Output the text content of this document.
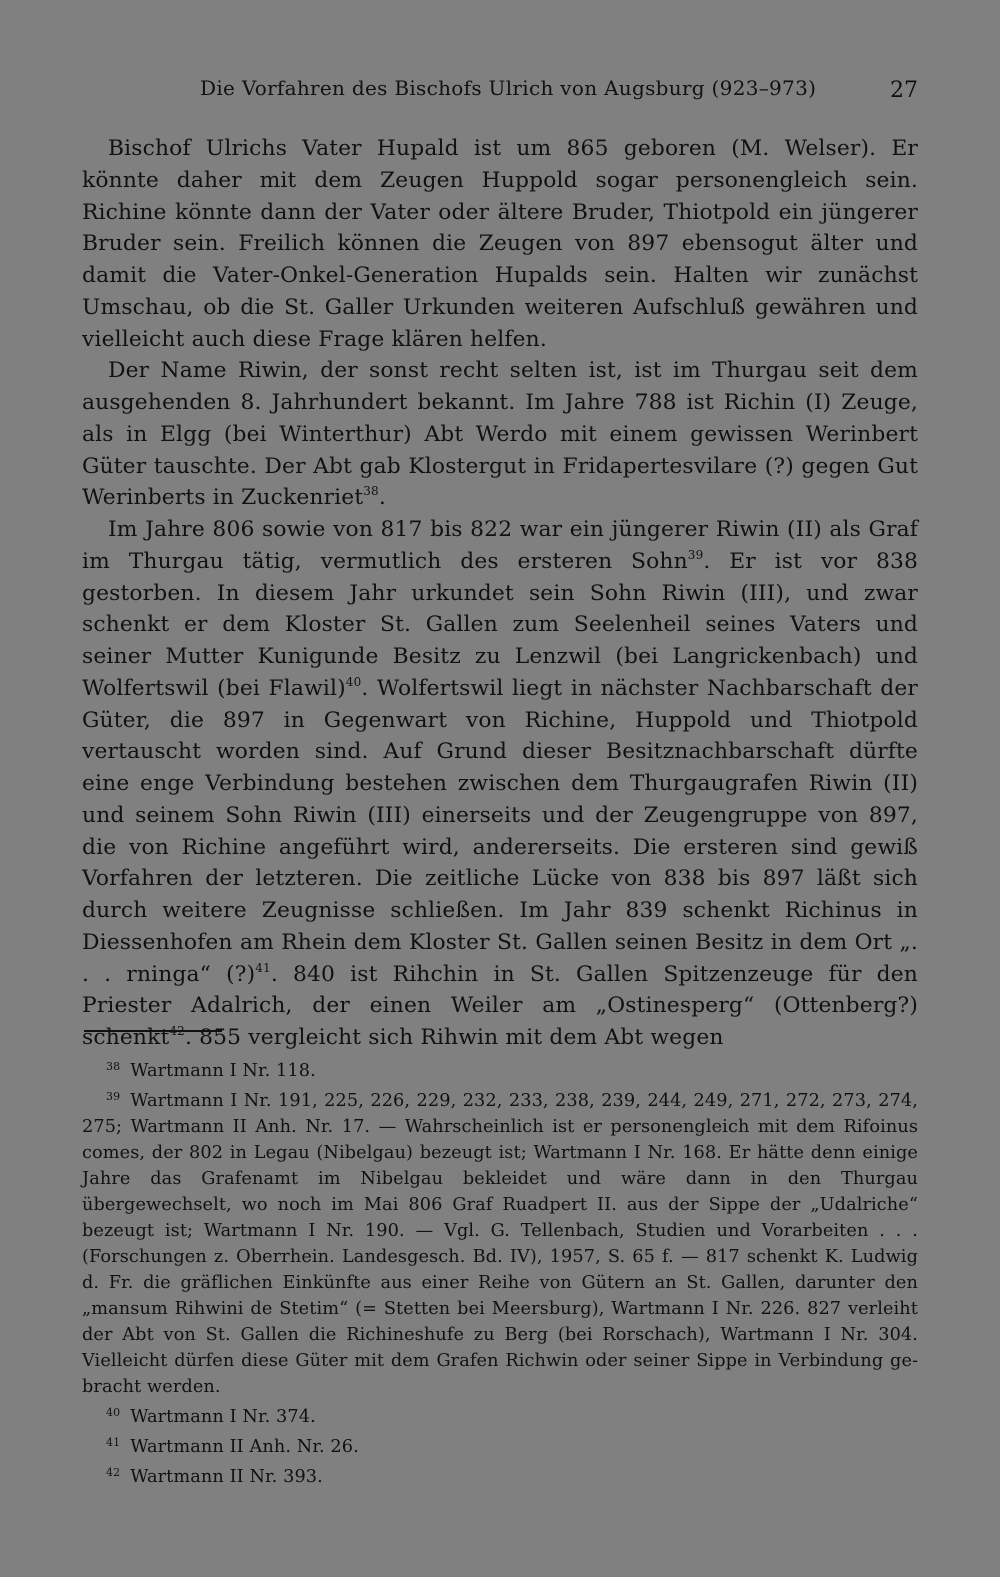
Die Vorfahren des Bischofs Ulrich von Augsburg (923–973)	27

Bischof Ulrichs Vater Hupald ist um 865 geboren (M. Welser). Er könnte daher mit dem Zeugen Huppold sogar personengleich sein. Richine könnte dann der Vater oder ältere Bruder, Thiotpold ein jüngerer Bruder sein. Freilich können die Zeugen von 897 ebensogut älter und damit die Vater-Onkel-Generation Hupalds sein. Halten wir zunächst Umschau, ob die St. Galler Urkunden weiteren Aufschluß gewähren und vielleicht auch diese Frage klären helfen.

Der Name Riwin, der sonst recht selten ist, ist im Thurgau seit dem ausgehenden 8. Jahrhundert bekannt. Im Jahre 788 ist Richin (I) Zeuge, als in Elgg (bei Winterthur) Abt Werdo mit einem gewissen Werinbert Güter tauschte. Der Abt gab Klostergut in Fridapertesvilare (?) gegen Gut Werinberts in Zuckenriet$^{38}$.

Im Jahre 806 sowie von 817 bis 822 war ein jüngerer Riwin (II) als Graf im Thurgau tätig, vermutlich des ersteren Sohn$^{39}$. Er ist vor 838 gestorben. In diesem Jahr urkundet sein Sohn Riwin (III), und zwar schenkt er dem Kloster St. Gallen zum Seelenheil seines Vaters und seiner Mutter Kunigunde Besitz zu Lenzwil (bei Langrickenbach) und Wolfertswil (bei Flawil)$^{40}$. Wolfertswil liegt in nächster Nachbarschaft der Güter, die 897 in Gegenwart von Richine, Huppold und Thiotpold vertauscht worden sind. Auf Grund dieser Besitznachbarschaft dürfte eine enge Verbindung bestehen zwischen dem Thurgaugrafen Riwin (II) und seinem Sohn Riwin (III) einerseits und der Zeugengruppe von 897, die von Richine angeführt wird, andererseits. Die ersteren sind gewiß Vorfahren der letzteren. Die zeitliche Lücke von 838 bis 897 läßt sich durch weitere Zeugnisse schließen. Im Jahr 839 schenkt Richinus in Diessenhofen am Rhein dem Kloster St. Gallen seinen Besitz in dem Ort „. . . rninga“ (?)$^{41}$. 840 ist Rihchin in St. Gallen Spitzenzeuge für den Priester Adalrich, der einen Weiler am „Ostinesperg“ (Ottenberg?) schenkt$^{42}$. 855 vergleicht sich Rihwin mit dem Abt wegen

$^{38}$ Wartmann I Nr. 118.

$^{39}$ Wartmann I Nr. 191, 225, 226, 229, 232, 233, 238, 239, 244, 249, 271, 272, 273, 274, 275; Wartmann II Anh. Nr. 17. — Wahrscheinlich ist er personengleich mit dem Rifoinus comes, der 802 in Legau (Nibelgau) bezeugt ist; Wartmann I Nr. 168. Er hätte denn einige Jahre das Grafenamt im Nibelgau bekleidet und wäre dann in den Thurgau übergewechselt, wo noch im Mai 806 Graf Ruadpert II. aus der Sippe der „Udalriche“ bezeugt ist; Wartmann I Nr. 190. — Vgl. G. Tellenbach, Studien und Vorarbeiten . . . (Forschungen z. Oberrhein. Landesgesch. Bd. IV), 1957, S. 65 f. — 817 schenkt K. Ludwig d. Fr. die gräflichen Einkünfte aus einer Reihe von Gütern an St. Gallen, darunter den „mansum Rihwini de Stetim“ (= Stetten bei Meersburg), Wartmann I Nr. 226. 827 verleiht der Abt von St. Gallen die Richineshufe zu Berg (bei Rorschach), Wartmann I Nr. 304. Vielleicht dürfen diese Güter mit dem Grafen Richwin oder seiner Sippe in Verbindung gebracht werden.

$^{40}$ Wartmann I Nr. 374.

$^{41}$ Wartmann II Anh. Nr. 26.

$^{42}$ Wartmann II Nr. 393.
